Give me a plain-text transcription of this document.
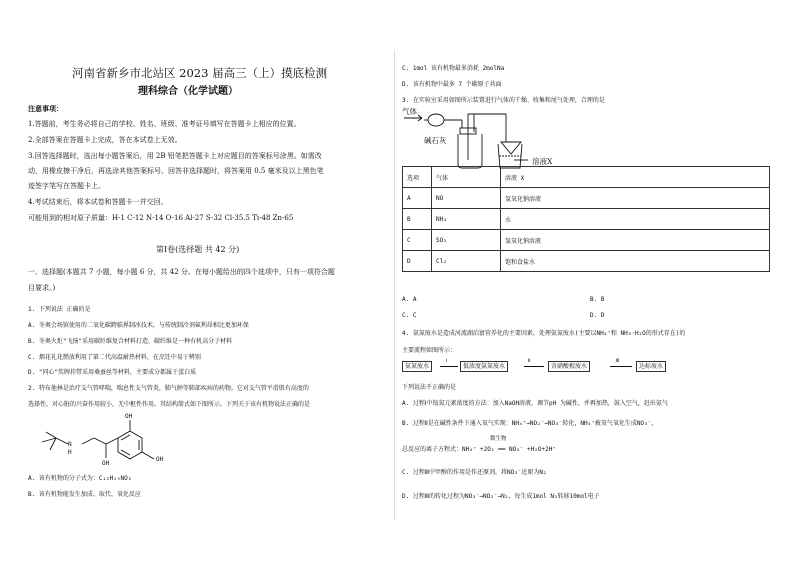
河南省新乡市北站区 2023 届高三（上）摸底检测
理科综合（化学试题）
注意事项：
1.答题前，考生务必将自己的学校、姓名、班级、准考证号填写在答题卡上相应的位置。
2.全部答案在答题卡上完成，答在本试卷上无效。
3.回答选择题时，选出每小题答案后，用 2B 铅笔把答题卡上对应题目的答案标号涂黑。如需改
动，用橡皮擦干净后，再选涂其他答案标号。回答非选择题时，将答案用 0.5 毫米及以上黑色笔
迹签字笔写在答题卡上。
4.考试结束后，将本试卷和答题卡一并交回。
可能用到的相对原子质量：H-1 C-12 N-14 O-16 Al-27 S-32 Cl-35.5 Ti-48 Zn-65
第Ⅰ卷(选择题 共 42 分)
一、选择题(本题共 7 小题，每小题 6 分，共 42 分。在每小题给出的四个选项中，只有一项符合题
目要求。)
1. 下列说法 正确的是
A. 冬奥会场馆使用的二氧化碳跨临界制冰技术，与传统制冷剂氟利昂相比更加环保
B. 冬奥火炬"飞扬"采用碳纤维复合材料打造，碳纤维是一种有机高分子材料
C. 烟花礼花燃放利用了第二代高温耐热材料，在烹饪中易于辨别
D. "同心"奖牌挂带采用桑蚕丝等材料，主要成分都属于蛋白质
2. 特布他林是治疗支气管哮喘，喘息性支气管炎，肺气肿等肺部疾病的药物。它对支气管平滑肌有高度的
选择性，对心脏的兴奋作用较小，无中枢性作用。其结构简式如下图所示。下列关于该有机物说法正确的是
OH
OH
OH
N
H
A. 该有机物的分子式为：C₁₂H₁₉NO₃
B. 该有机物能发生加成、取代、氧化反应
C. 1mol 该有机物最多消耗 2molNa
D. 该有机物中最多 7 个碳原子共面
3. 在实验室采用如图所示装置进行气体的干燥、收集和尾气处理，合理的是
气体
碱石灰
溶液X
选项	气体	溶液 X
A	NO	氢氧化钠溶液
B	NH₃	水
C	SO₂	氢氧化钠溶液
D	Cl₂	饱和食盐水
A. A	B. B
C. C	D. D
4. 氨氮废水是造成河流湖泊富营养化的主要因素，处理氨氮废水(主要以NH₄⁺和 NH₃·H₂O的形式存在)的
主要流程如图所示：
氨氮废水
Ⅰ
低浓度氨氮废水
Ⅱ
含硝酸根废水
Ⅲ
达标废水
下列说法不正确的是
A. 过程Ⅰ中铵氮元素浓度的方法：加入NaOH溶液，调节pH 为碱性，并再加热，鼓入空气，赶出氨气
B. 过程Ⅱ是在碱性条件下通入氧气实现：NH₄⁺→NO₂⁻→NO₃⁻转化，NH₄⁺被氧气氧化生成NO₃⁻，
微生物
总反应的离子方程式：NH₄⁺ +2O₂ ══ NO₃⁻ +H₂O+2H⁺
C. 过程Ⅲ中甲醇的作用是作还原剂，将NO₃⁻还原为N₂
D. 过程Ⅲ的转化过程为NO₃⁻→NO₂⁻→N₂，每生成1mol N₂转移10mol电子
